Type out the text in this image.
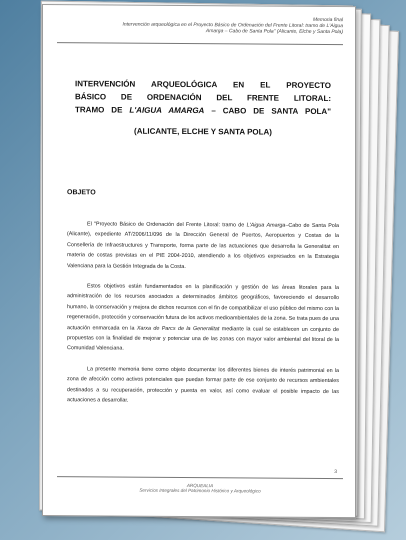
Memoria final
Intervención arqueológica en el Proyecto Básico de Ordenación del Frente Litoral: tramo de L'Aigua
Amarga – Cabo de Santa Pola" (Alicante, Elche y Santa Pola)
INTERVENCIÓN ARQUEOLÓGICA EN EL PROYECTO
BÁSICO DE ORDENACIÓN DEL FRENTE LITORAL:
TRAMO DE L'AIGUA AMARGA – CABO DE SANTA POLA"
(ALICANTE, ELCHE Y SANTA POLA)
OBJETO

El "Proyecto Básico de Ordenación del Frente Litoral: tramo de L'Aigua Amarga–Cabo de Santa Pola (Alicante), expediente AT/2006/11/096 de la Dirección General de Puertos, Aeropuertos y Costas de la Consellería de Infraestructures y Transporte, forma parte de las actuaciones que desarrolla la Generalitat en materia de costas previstas en el PIE 2004-2010, atendiendo a los objetivos expresados en la Estrategia Valenciana para la Gestión Integrada de la Costa.

Estos objetivos están fundamentados en la planificación y gestión de las áreas litorales para la administración de los recursos asociados a determinados ámbitos geográficos, favoreciendo el desarrollo humano, la conservación y mejora de dichos recursos con el fin de compatibilizar el uso público del mismo con la regeneración, protección y conservación futura de los activos medioambientales de la zona. Se trata pues de una actuación enmarcada en la Xarxa de Parcs de la Generalitat mediante la cual se establecen un conjunto de propuestas con la finalidad de mejorar y potenciar una de las zonas con mayor valor ambiental del litoral de la Comunidad Valenciana.

La presente memoria tiene como objeto documentar los diferentes bienes de interés patrimonial en la zona de afección como activos potenciales que puedan formar parte de ese conjunto de recursos ambientales destinados a su recuperación, protección y puesta en valor, así como evaluar el posible impacto de las actuaciones a desarrollar.

3
ARQUEALIA
Servicios Integrales del Patrimonio Histórico y Arqueológico
